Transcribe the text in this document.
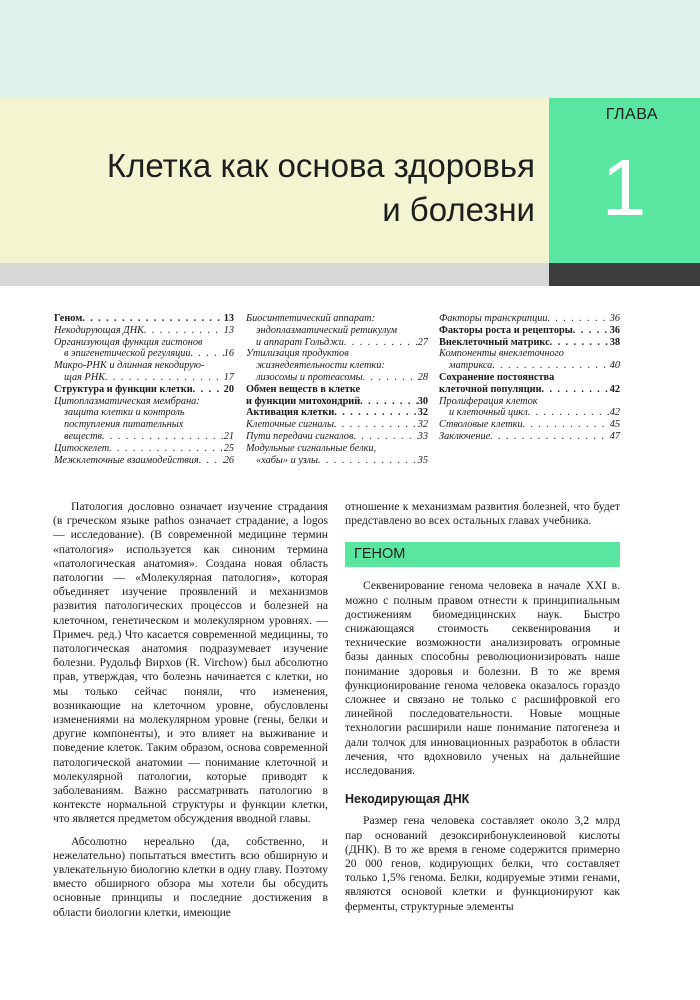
ГЛАВА
1
Клетка как основа здоровья
и болезни
Геном . . .	13
Некодирующая ДНК . . .	13
Организующая функция гистонов
в эпигенетической регуляции . . .	16
Микро-РНК и длинная некодирую-
щая РНК . . .	17
Структура и функции клетки . . .	20
Цитоплазматическая мембрана:
защита клетки и контроль
поступления питательных
веществ . . .	21
Цитоскелет . . .	25
Межклеточные взаимодействия . . . 26
Биосинтетический аппарат:
эндоплазматический ретикулум
и аппарат Гольджи . . .	27
Утилизация продуктов
жизнедеятельности клетки:
лизосомы и протеасомы . . .	28
Обмен веществ в клетке
и функции митохондрий . . .	30
Активация клетки . . .	32
Клеточные сигналы . . .	32
Пути передачи сигналов . . .	33
Модульные сигнальные белки,
«хабы» и узлы . . .	35
Факторы транскрипции . . .	36
Факторы роста и рецепторы . . .	36
Внеклеточный матрикс . . .	38
Компоненты внеклеточного
матрикса . . .	40
Сохранение постоянства
клеточной популяции . . .	42
Пролиферация клеток
и клеточный цикл . . .	42
Стволовые клетки . . .	45
Заключение . . .	47

Патология дословно означает изучение страдания (в греческом языке pathos означает страдание, а logos — исследование). (В современной медицине термин «патология» используется как синоним термина «патологическая анатомия». Создана новая область патологии — «Молекулярная патология», которая объединяет изучение проявлений и механизмов развития патологических процессов и болезней на клеточном, генетическом и молекулярном уровнях. — Примеч. ред.) Что касается современной медицины, то патологическая анатомия подразумевает изучение болезни. Рудольф Вирхов (R. Virchow) был абсолютно прав, утверждая, что болезнь начинается с клетки, но мы только сейчас поняли, что изменения, возникающие на клеточном уровне, обусловлены изменениями на молекулярном уровне (гены, белки и другие компоненты), и это влияет на выживание и поведение клеток. Таким образом, основа современной патологической анатомии — понимание клеточной и молекулярной патологии, которые приводят к заболеваниям. Важно рассматривать патологию в контексте нормальной структуры и функции клетки, что является предметом обсуждения вводной главы.

Абсолютно нереально (да, собственно, и нежелательно) попытаться вместить всю обширную и увлекательную биологию клетки в одну главу. Поэтому вместо обширного обзора мы хотели бы обсудить основные принципы и последние достижения в области биологии клетки, имеющие

отношение к механизмам развития болезней, что будет представлено во всех остальных главах учебника.

ГЕНОМ

Секвенирование генома человека в начале XXI в. можно с полным правом отнести к принципиальным достижениям биомедицинских наук. Быстро снижающаяся стоимость секвенирования и технические возможности анализировать огромные базы данных способны революционизировать наше понимание здоровья и болезни. В то же время функционирование генома человека оказалось гораздо сложнее и связано не только с расшифровкой его линейной последовательности. Новые мощные технологии расширили наше понимание патогенеза и дали толчок для инновационных разработок в области лечения, что вдохновило ученых на дальнейшие исследования.

Некодирующая ДНК

Размер гена человека составляет около 3,2 млрд пар оснований дезоксирибонуклеиновой кислоты (ДНК). В то же время в геноме содержится примерно 20 000 генов, кодирующих белки, что составляет только 1,5% генома. Белки, кодируемые этими генами, являются основой клетки и функционируют как ферменты, структурные элементы
